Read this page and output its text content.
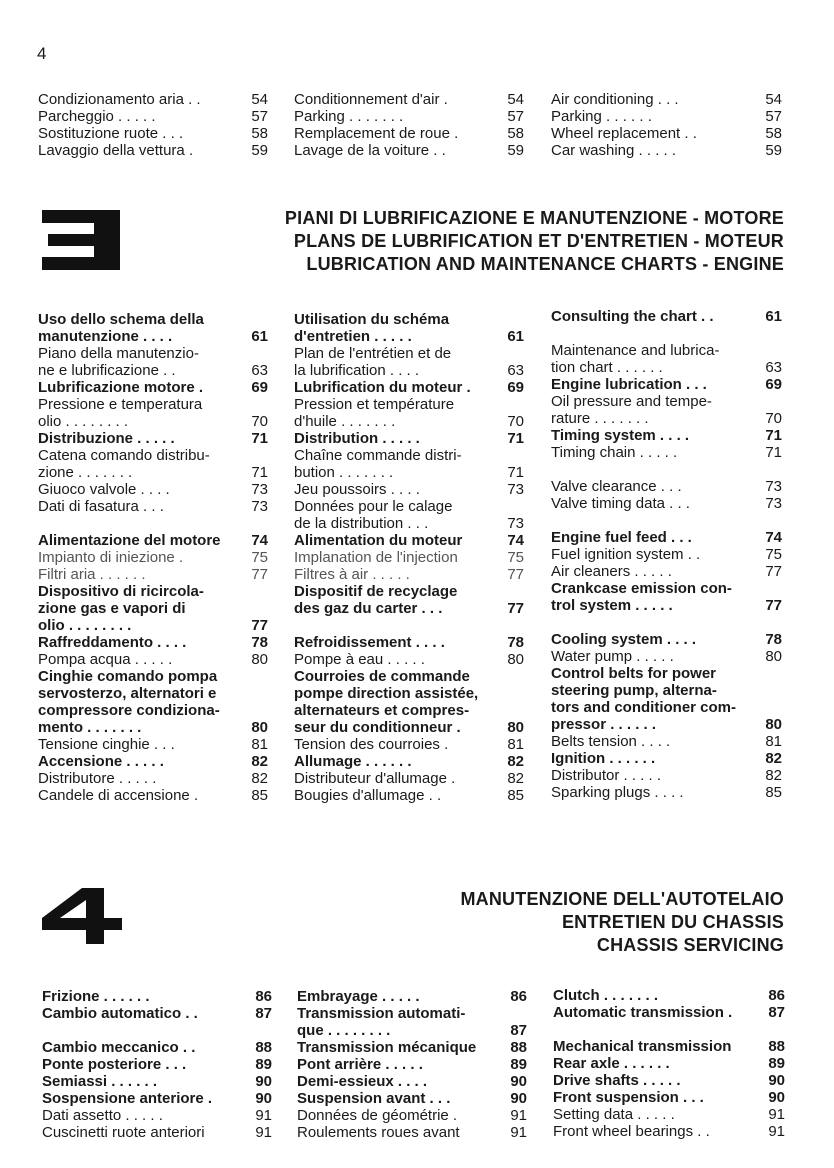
4
Condizionamento aria . .	54
Parcheggio . . . . .	57
Sostituzione ruote . . .	58
Lavaggio della vettura .	59
Conditionnement d'air .	54
Parking . . . . . . .	57
Remplacement de roue .	58
Lavage de la voiture . .	59
Air conditioning . . .	54
Parking . . . . . .	57
Wheel replacement . .	58
Car washing . . . . .	59
PIANI DI LUBRIFICAZIONE E MANUTENZIONE - MOTORE
PLANS DE LUBRIFICATION ET D'ENTRETIEN - MOTEUR
LUBRICATION AND MAINTENANCE CHARTS - ENGINE
Uso dello schema della
manutenzione . . . .	61
Piano della manutenzio-
ne e lubrificazione . .	63
Lubrificazione motore .	69
Pressione e temperatura
olio . . . . . . . .	70
Distribuzione . . . . .	71
Catena comando distribu-
zione . . . . . . .	71
Giuoco valvole . . . .	73
Dati di fasatura . . .	73
Alimentazione del motore 74
Impianto di iniezione .	75
Filtri aria . . . . . .	77
Dispositivo di ricircola-
zione gas e vapori di
olio . . . . . . . .	77
Raffreddamento . . . .	78
Pompa acqua . . . . .	80
Cinghie comando pompa
servosterzo, alternatori e
compressore condiziona-
mento . . . . . . .	80
Tensione cinghie . . .	81
Accensione . . . . .	82
Distributore . . . . .	82
Candele di accensione .	85
Utilisation du schéma
d'entretien . . . . .	61
Plan de l'entrétien et de
la lubrification . . . .	63
Lubrification du moteur . 69
Pression et température
d'huile . . . . . . .	70
Distribution . . . . .	71
Chaîne commande distri-
bution . . . . . . .	71
Jeu poussoirs . . . .	73
Données pour le calage
de la distribution . . .	73
Alimentation du moteur	74
Implanation de l'injection	75
Filtres à air . . . . .	77
Dispositif de recyclage
des gaz du carter . . .	77
Refroidissement . . . .	78
Pompe à eau . . . . .	80
Courroies de commande
pompe direction assistée,
alternateurs et compres-
seur du conditionneur .	80
Tension des courroies .	81
Allumage . . . . . .	82
Distributeur d'allumage .	82
Bougies d'allumage . .	85
Consulting the chart . .	61
Maintenance and lubrica-
tion chart . . . . . .	63
Engine lubrication . . .	69
Oil pressure and tempe-
rature . . . . . . .	70
Timing system . . . .	71
Timing chain . . . . .	71
Valve clearance . . .	73
Valve timing data . . .	73
Engine fuel feed . . .	74
Fuel ignition system . .	75
Air cleaners . . . . .	77
Crankcase emission con-
trol system . . . . .	77
Cooling system . . . .	78
Water pump . . . . .	80
Control belts for power
steering pump, alterna-
tors and conditioner com-
pressor . . . . . .	80
Belts tension . . . .	81
Ignition . . . . . .	82
Distributor . . . . .	82
Sparking plugs . . . .	85
MANUTENZIONE DELL'AUTOTELAIO
ENTRETIEN DU CHASSIS
CHASSIS SERVICING
Frizione . . . . . .	86
Cambio automatico . .	87
Cambio meccanico . .	88
Ponte posteriore . . .	89
Semiassi . . . . . .	90
Sospensione anteriore .	90
Dati assetto . . . . .	91
Cuscinetti ruote anteriori	91
Embrayage . . . . .	86
Transmission automati-
que . . . . . . . .	87
Transmission mécanique 88
Pont arrière . . . . .	89
Demi-essieux . . . .	90
Suspension avant . . .	90
Données de géométrie .	91
Roulements roues avant	91
Clutch . . . . . . .	86
Automatic transmission . 87
Mechanical transmission 88
Rear axle . . . . . .	89
Drive shafts . . . . .	90
Front suspension . . .	90
Setting data . . . . .	91
Front wheel bearings . .	91
